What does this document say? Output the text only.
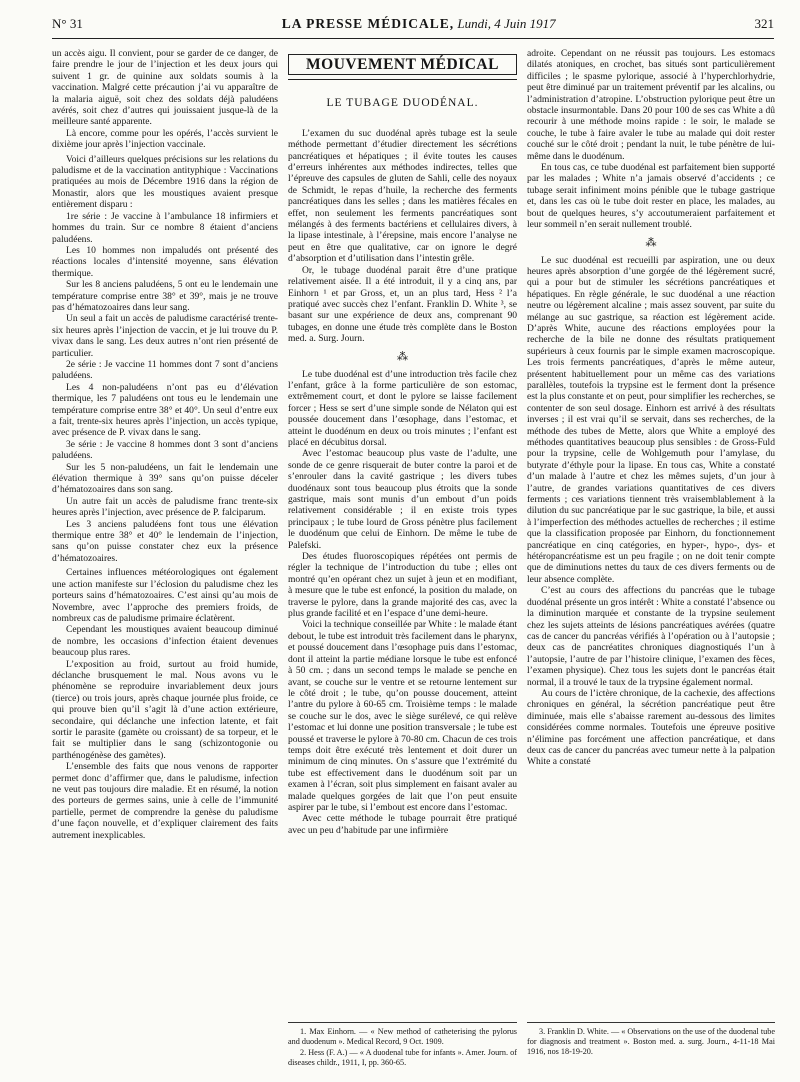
N° 31	LA PRESSE MÉDICALE, Lundi, 4 Juin 1917	321

un accès aigu. Il convient, pour se garder de ce danger, de faire prendre le jour de l’injection et les deux jours qui suivent 1 gr. de quinine aux soldats soumis à la vaccination. Malgré cette précaution j’ai vu apparaître de la malaria aiguë, soit chez des soldats déjà paludéens avérés, soit chez d’autres qui jouissaient jusque-là de la meilleure santé apparente.

Là encore, comme pour les opérés, l’accès survient le dixième jour après l’injection vaccinale.

Voici d’ailleurs quelques précisions sur les relations du paludisme et de la vaccination antityphique : Vaccinations pratiquées au mois de Décembre 1916 dans la région de Monastir, alors que les moustiques avaient presque entièrement disparu :

1re série : Je vaccine à l’ambulance 18 infirmiers et hommes du train. Sur ce nombre 8 étaient d’anciens paludéens.

Les 10 hommes non impaludés ont présenté des réactions locales d’intensité moyenne, sans élévation thermique.

Sur les 8 anciens paludéens, 5 ont eu le lendemain une température comprise entre 38° et 39°, mais je ne trouve pas d’hématozoaires dans leur sang.

Un seul a fait un accès de paludisme caractérisé trente-six heures après l’injection de vaccin, et je lui trouve du P. vivax dans le sang. Les deux autres n’ont rien présenté de particulier.

2e série : Je vaccine 11 hommes dont 7 sont d’anciens paludéens.

Les 4 non-paludéens n’ont pas eu d’élévation thermique, les 7 paludéens ont tous eu le lendemain une température comprise entre 38° et 40°. Un seul d’entre eux a fait, trente-six heures après l’injection, un accès typique, avec présence de P. vivax dans le sang.

3e série : Je vaccine 8 hommes dont 3 sont d’anciens paludéens.

Sur les 5 non-paludéens, un fait le lendemain une élévation thermique à 39° sans qu’on puisse déceler d’hématozoaires dans son sang.

Un autre fait un accès de paludisme franc trente-six heures après l’injection, avec présence de P. falciparum.

Les 3 anciens paludéens font tous une élévation thermique entre 38° et 40° le lendemain de l’injection, sans qu’on puisse constater chez eux la présence d’hématozoaires.

Certaines influences météorologiques ont également une action manifeste sur l’éclosion du paludisme chez les porteurs sains d’hématozoaires. C’est ainsi qu’au mois de Novembre, avec l’approche des premiers froids, de nombreux cas de paludisme primaire éclatèrent.

Cependant les moustiques avaient beaucoup diminué de nombre, les occasions d’infection étaient devenues beaucoup plus rares.

L’exposition au froid, surtout au froid humide, déclanche brusquement le mal. Nous avons vu le phénomène se reproduire invariablement deux jours (tierce) ou trois jours, après chaque journée plus froide, ce qui prouve bien qu’il s’agit là d’une action extérieure, secondaire, qui déclanche une infection latente, et fait sortir le parasite (gamète ou croissant) de sa torpeur, et le fait se multiplier dans le sang (schizontogonie ou parthénogénèse des gamètes).

L’ensemble des faits que nous venons de rapporter permet donc d’affirmer que, dans le paludisme, infection ne veut pas toujours dire maladie. Et en résumé, la notion des porteurs de germes sains, unie à celle de l’immunité partielle, permet de comprendre la genèse du paludisme d’une façon nouvelle, et d’expliquer clairement des faits autrement inexplicables.

MOUVEMENT MÉDICAL
LE TUBAGE DUODÉNAL.

L’examen du suc duodénal après tubage est la seule méthode permettant d’étudier directement les sécrétions pancréatiques et hépatiques ; il évite toutes les causes d’erreurs inhérentes aux méthodes indirectes, telles que l’épreuve des capsules de gluten de Sahli, celle des noyaux de Schmidt, le repas d’huile, la recherche des ferments pancréatiques dans les selles ; dans les matières fécales en effet, non seulement les ferments pancréatiques sont mélangés à des ferments bactériens et cellulaires divers, à la lipase intestinale, à l’érepsine, mais encore l’analyse ne peut en être que qualitative, car on ignore le degré d’absorption et d’utilisation dans l’intestin grêle.

Or, le tubage duodénal parait être d’une pratique relativement aisée. Il a été introduit, il y a cinq ans, par Einhorn ¹ et par Gross, et, un an plus tard, Hess ² l’a pratiqué avec succès chez l’enfant. Franklin D. White ³, se basant sur une expérience de deux ans, comprenant 90 tubages, en donne une étude très complète dans le Boston med. a. Surg. Journ.

⁂

Le tube duodénal est d’une introduction très facile chez l’enfant, grâce à la forme particulière de son estomac, extrêmement court, et dont le pylore se laisse facilement forcer ; Hess se sert d’une simple sonde de Nélaton qui est poussée doucement dans l’œsophage, dans l’estomac, et atteint le duodénum en deux ou trois minutes ; l’enfant est placé en décubitus dorsal.

Avec l’estomac beaucoup plus vaste de l’adulte, une sonde de ce genre risquerait de buter contre la paroi et de s’enrouler dans la cavité gastrique ; les divers tubes duodénaux sont tous beaucoup plus étroits que la sonde gastrique, mais sont munis d’un embout d’un poids relativement considérable ; il en existe trois types principaux ; le tube lourd de Gross pénètre plus facilement le duodénum que celui de Einhorn. De même le tube de Palefski.

Des études fluoroscopiques répétées ont permis de régler la technique de l’introduction du tube ; elles ont montré qu’en opérant chez un sujet à jeun et en modifiant, à mesure que le tube est enfoncé, la position du malade, on traverse le pylore, dans la grande majorité des cas, avec la plus grande facilité et en l’espace d’une demi-heure.

Voici la technique conseillée par White : le malade étant debout, le tube est introduit très facilement dans le pharynx, et poussé doucement dans l’œsophage puis dans l’estomac, dont il atteint la partie médiane lorsque le tube est enfoncé à 50 cm. ; dans un second temps le malade se penche en avant, se couche sur le ventre et se retourne lentement sur le côté droit ; le tube, qu’on pousse doucement, atteint l’antre du pylore à 60-65 cm. Troisième temps : le malade se couche sur le dos, avec le siège surélevé, ce qui relève l’estomac et lui donne une position transversale ; le tube est poussé et traverse le pylore à 70-80 cm. Chacun de ces trois temps doit être exécuté très lentement et doit durer un minimum de cinq minutes. On s’assure que l’extrémité du tube est effectivement dans le duodénum soit par un examen à l’écran, soit plus simplement en faisant avaler au malade quelques gorgées de lait que l’on peut ensuite aspirer par le tube, si l’embout est encore dans l’estomac.

Avec cette méthode le tubage pourrait être pratiqué avec un peu d’habitude par une infirmière

adroite. Cependant on ne réussit pas toujours. Les estomacs dilatés atoniques, en crochet, bas situés sont particulièrement difficiles ; le spasme pylorique, associé à l’hyperchlorhydrie, peut être diminué par un traitement préventif par les alcalins, ou l’administration d’atropine. L’obstruction pylorique peut être un obstacle insurmontable. Dans 20 pour 100 de ses cas White a dû recourir à une méthode moins rapide : le soir, le malade se couche, le tube à faire avaler le tube au malade qui doit rester couché sur le côté droit ; pendant la nuit, le tube pénètre de lui-même dans le duodénum.

En tous cas, ce tube duodénal est parfaitement bien supporté par les malades ; White n’a jamais observé d’accidents ; ce tubage serait infiniment moins pénible que le tubage gastrique et, dans les cas où le tube doit rester en place, les malades, au bout de quelques heures, s’y accoutumeraient parfaitement et leur sommeil n’en serait nullement troublé.

⁂

Le suc duodénal est recueilli par aspiration, une ou deux heures après absorption d’une gorgée de thé légèrement sucré, qui a pour but de stimuler les sécrétions pancréatiques et hépatiques. En règle générale, le suc duodénal a une réaction neutre ou légèrement alcaline ; mais assez souvent, par suite du mélange au suc gastrique, sa réaction est légèrement acide. D’après White, aucune des réactions employées pour la recherche de la bile ne donne des résultats pratiquement supérieurs à ceux fournis par le simple examen macroscopique. Les trois ferments pancréatiques, d’après le même auteur, présentent habituellement pour un même cas des variations parallèles, toutefois la trypsine est le ferment dont la présence est la plus constante et on peut, pour simplifier les recherches, se contenter de son seul dosage. Einhorn est arrivé à des résultats inverses ; il est vrai qu’il se servait, dans ses recherches, de la méthode des tubes de Mette, alors que White a employé des méthodes quantitatives beaucoup plus sensibles : de Gross-Fuld pour la trypsine, celle de Wohlgemuth pour l’amylase, du butyrate d’éthyle pour la lipase. En tous cas, White a constaté d’un malade à l’autre et chez les mêmes sujets, d’un jour à l’autre, de grandes variations quantitatives de ces divers ferments ; ces variations tiennent très vraisemblablement à la dilution du suc pancréatique par le suc gastrique, la bile, et aussi à l’imperfection des méthodes actuelles de recherches ; il estime que la classification proposée par Einhorn, du fonctionnement pancréatique en cinq catégories, en hyper-, hypo-, dys- et hétéropancréatisme est un peu fragile ; on ne doit tenir compte que de diminutions nettes du taux de ces divers ferments ou de leur absence complète.

C’est au cours des affections du pancréas que le tubage duodénal présente un gros intérêt : White a constaté l’absence ou la diminution marquée et constante de la trypsine seulement chez les sujets atteints de lésions pancréatiques avérées (quatre cas de cancer du pancréas vérifiés à l’opération ou à l’autopsie ; deux cas de pancréatites chroniques diagnostiqués l’un à l’autopsie, l’autre de par l’histoire clinique, l’examen des fèces, l’examen physique). Chez tous les sujets dont le pancréas était normal, il a trouvé le taux de la trypsine également normal.

Au cours de l’ictère chronique, de la cachexie, des affections chroniques en général, la sécrétion pancréatique peut être diminuée, mais elle s’abaisse rarement au-dessous des limites considérées comme normales. Toutefois une épreuve positive n’élimine pas forcément une affection pancréatique, et dans deux cas de cancer du pancréas avec tumeur nette à la palpation White a constaté

1. Max Einhorn. — « New method of catheterising the pylorus and duodenum ». Medical Record, 9 Oct. 1909.

2. Hess (F. A.) — « A duodenal tube for infants ». Amer. Journ. of diseases childr., 1911, I, pp. 360-65.

3. Franklin D. White. — « Observations on the use of the duodenal tube for diagnosis and treatment ». Boston med. a. surg. Journ., 4-11-18 Mai 1916, nos 18-19-20.
